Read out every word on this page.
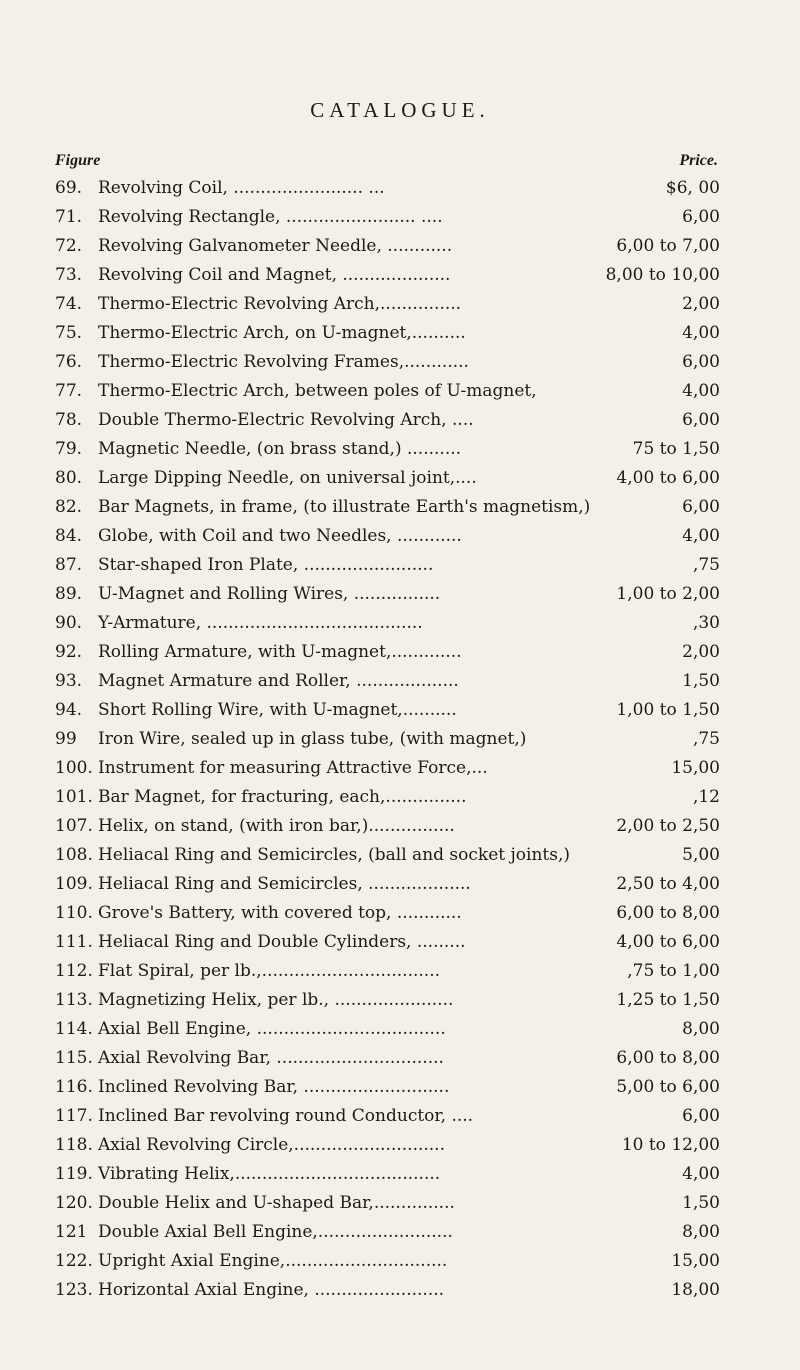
CATALOGUE.
Figure	Price.
69. Revolving Coil, ........................ ...	$6, 00
71. Revolving Rectangle, ........................ ....	6,00
72. Revolving Galvanometer Needle, ............	6,00 to 7,00
73. Revolving Coil and Magnet, ....................	8,00 to 10,00
74. Thermo-Electric Revolving Arch,...............	2,00
75. Thermo-Electric Arch, on U-magnet,..........	4,00
76. Thermo-Electric Revolving Frames,............	6,00
77. Thermo-Electric Arch, between poles of U-magnet,	4,00
78. Double Thermo-Electric Revolving Arch, ....	6,00
79. Magnetic Needle, (on brass stand,) ..........	75 to 1,50
80. Large Dipping Needle, on universal joint,....	4,00 to 6,00
82. Bar Magnets, in frame, (to illustrate Earth's magnetism,)	6,00
84. Globe, with Coil and two Needles, ............	4,00
87. Star-shaped Iron Plate, ........................	,75
89. U-Magnet and Rolling Wires, ................	1,00 to 2,00
90. Y-Armature, ........................................	,30
92. Rolling Armature, with U-magnet,.............	2,00
93. Magnet Armature and Roller, ...................	1,50
94. Short Rolling Wire, with U-magnet,..........	1,00 to 1,50
99 Iron Wire, sealed up in glass tube, (with magnet,)	,75
100. Instrument for measuring Attractive Force,...	15,00
101. Bar Magnet, for fracturing, each,...............	,12
107. Helix, on stand, (with iron bar,)................	2,00 to 2,50
108. Heliacal Ring and Semicircles, (ball and socket joints,)	5,00
109. Heliacal Ring and Semicircles, ...................	2,50 to 4,00
110. Grove's Battery, with covered top, ............	6,00 to 8,00
111. Heliacal Ring and Double Cylinders, .........	4,00 to 6,00
112. Flat Spiral, per lb.,.................................	,75 to 1,00
113. Magnetizing Helix, per lb., ......................	1,25 to 1,50
114. Axial Bell Engine, ...................................	8,00
115. Axial Revolving Bar, ...............................	6,00 to 8,00
116. Inclined Revolving Bar, ...........................	5,00 to 6,00
117. Inclined Bar revolving round Conductor, ....	6,00
118. Axial Revolving Circle,............................	10 to 12,00
119. Vibrating Helix,......................................	4,00
120. Double Helix and U-shaped Bar,...............	1,50
121 Double Axial Bell Engine,.........................	8,00
122. Upright Axial Engine,..............................	15,00
123. Horizontal Axial Engine, ........................	18,00
